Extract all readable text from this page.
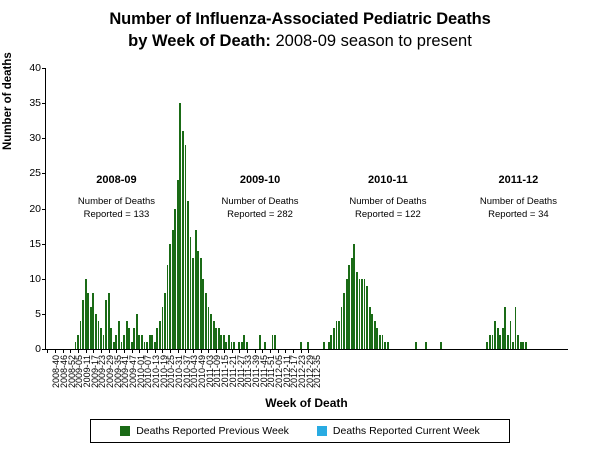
Number of Influenza-Associated Pediatric Deaths
by Week of Death: 2008-09 season to present
Number of deaths
0
5
10
15
20
25
30
35
40
2008-40
2008-46
2008-52
2009-05
2009-11
2009-17
2009-23
2009-29
2009-35
2009-41
2009-47
2010-01
2010-07
2010-13
2010-19
2010-25
2010-31
2010-37
2010-43
2010-49
2011-03
2011-09
2011-15
2011-21
2011-27
2011-33
2011-39
2011-45
2011-51
2012-05
2012-11
2012-17
2012-23
2012-29
2012-35
2008-09
Number of Deaths
Reported = 133
2009-10
Number of Deaths
Reported = 282
2010-11
Number of Deaths
Reported = 122
2011-12
Number of Deaths
Reported = 34
Week of Death
Deaths Reported Previous Week	Deaths Reported Current Week
